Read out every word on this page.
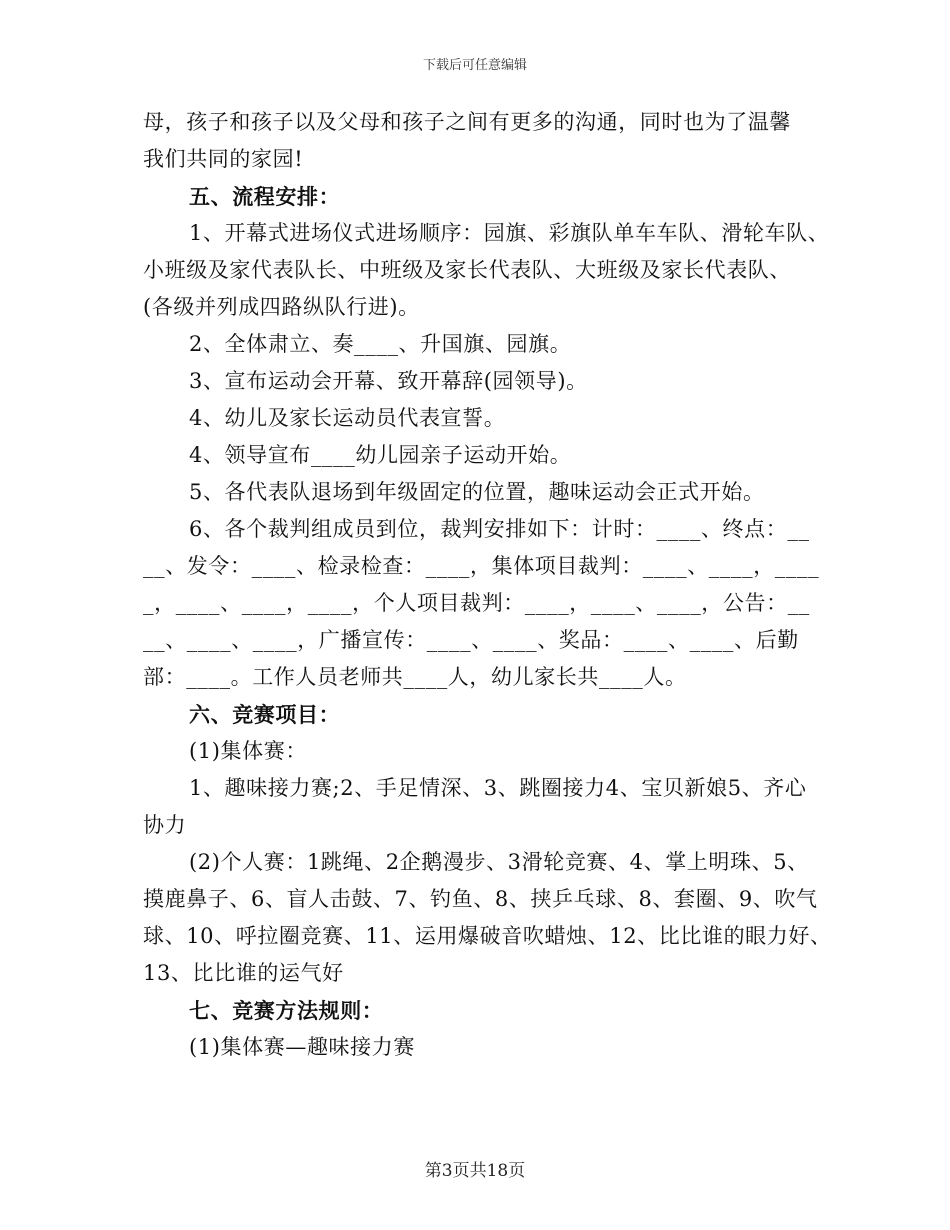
下载后可任意编辑
母，孩子和孩子以及父母和孩子之间有更多的沟通，同时也为了温馨
我们共同的家园!
五、流程安排：
1、开幕式进场仪式进场顺序：园旗、彩旗队单车车队、滑轮车队、
小班级及家代表队长、中班级及家长代表队、大班级及家长代表队、
(各级并列成四路纵队行进)。
2、全体肃立、奏____、升国旗、园旗。
3、宣布运动会开幕、致开幕辞(园领导)。
4、幼儿及家长运动员代表宣誓。
4、领导宣布____幼儿园亲子运动开始。
5、各代表队退场到年级固定的位置，趣味运动会正式开始。
6、各个裁判组成员到位，裁判安排如下：计时：____、终点：__
__、发令：____、检录检查：____，集体项目裁判：____、____，____
_，____、____，____，个人项目裁判：____，____、____，公告：__
__、____、____，广播宣传：____、____、奖品：____、____、后勤
部：____。工作人员老师共____人，幼儿家长共____人。
六、竞赛项目：
(1)集体赛：
1、趣味接力赛;2、手足情深、3、跳圈接力4、宝贝新娘5、齐心
协力
(2)个人赛：1跳绳、2企鹅漫步、3滑轮竞赛、4、掌上明珠、5、
摸鹿鼻子、6、盲人击鼓、7、钓鱼、8、挟乒乓球、8、套圈、9、吹气
球、10、呼拉圈竞赛、11、运用爆破音吹蜡烛、12、比比谁的眼力好、
13、比比谁的运气好
七、竞赛方法规则：
(1)集体赛—趣味接力赛
第3页共18页
